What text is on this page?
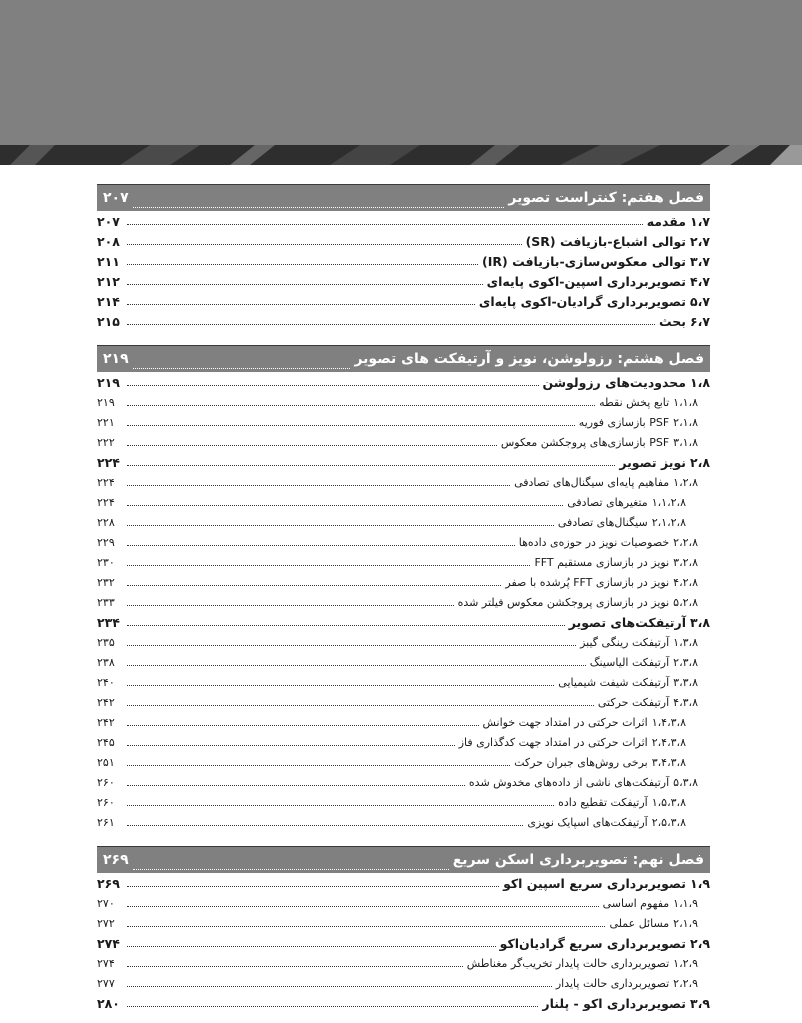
فصل هفتم: کنتراست تصویر
۲۰۷
۱،۷
مقدمه
۲۰۷
۲،۷
توالی اشباع-بازیافت (SR)
۲۰۸
۳،۷
توالی معکوس‌سازی-بازیافت (IR)
۲۱۱
۴،۷
تصویربرداری اسپین-اکوی پایه‌ای
۲۱۲
۵،۷
تصویربرداری گرادیان-اکوی پایه‌ای
۲۱۴
۶،۷
بحث
۲۱۵
فصل هشتم: رزولوشن، نویز و آرتیفکت های تصویر
۲۱۹
۱،۸
محدودیت‌های رزولوشن
۲۱۹
۱،۱،۸
تابع پخش نقطه
۲۱۹
۲،۱،۸
PSF بازسازی فوریه
۲۲۱
۳،۱،۸
PSF بازسازی‌های پروجکشن معکوس
۲۲۲
۲،۸
نویز تصویر
۲۲۴
۱،۲،۸
مفاهیم پایه‌ای سیگنال‌های تصادفی
۲۲۴
۱،۱،۲،۸
متغیرهای تصادفی
۲۲۴
۲،۱،۲،۸
سیگنال‌های تصادفی
۲۲۸
۲،۲،۸
خصوصیات نویز در حوزه‌ی داده‌ها
۲۲۹
۳،۲،۸
نویز در بازسازی مستقیم FFT
۲۳۰
۴،۲،۸
نویز در بازسازی FFT پُرشده با صفر
۲۳۲
۵،۲،۸
نویز در بازسازی پروجکشن معکوس فیلتر شده
۲۳۳
۳،۸
آرتیفکت‌های تصویر
۲۳۴
۱،۳،۸
آرتیفکت رینگی گیبز
۲۳۵
۲،۳،۸
آرتیفکت الیاسینگ
۲۳۸
۳،۳،۸
آرتیفکت شیفت شیمیایی
۲۴۰
۴،۳،۸
آرتیفکت حرکتی
۲۴۲
۱،۴،۳،۸
اثرات حرکتی در امتداد جهت خوانش
۲۴۲
۲،۴،۳،۸
اثرات حرکتی در امتداد جهت کدگذاری فاز
۲۴۵
۳،۴،۳،۸
برخی روش‌های جبران حرکت
۲۵۱
۵،۳،۸
آرتیفکت‌های ناشی از داده‌های مخدوش شده
۲۶۰
۱،۵،۳،۸
آرتیفکت تقطیع داده
۲۶۰
۲،۵،۳،۸
آرتیفکت‌های اسپایک نویزی
۲۶۱
فصل نهم: تصویربرداری اسکن سریع
۲۶۹
۱،۹
تصویربرداری سریع اسپین اکو
۲۶۹
۱،۱،۹
مفهوم اساسی
۲۷۰
۲،۱،۹
مسائل عملی
۲۷۲
۲،۹
تصویربرداری سریع گرادیان‌اکو
۲۷۴
۱،۲،۹
تصویربرداری حالت پایدار تخریب‌گر مغناطش
۲۷۴
۲،۲،۹
تصویربرداری حالت پایدار
۲۷۷
۳،۹
تصویربرداری اکو - پلنار
۲۸۰
